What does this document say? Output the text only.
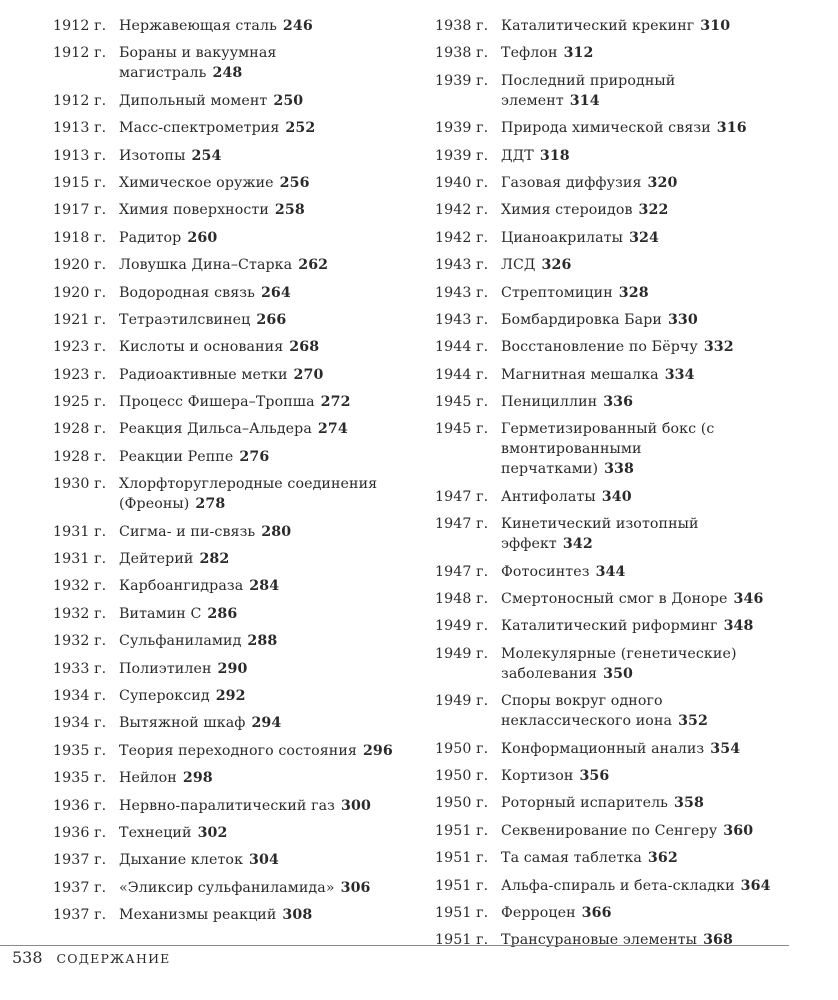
1912 г. Нержавеющая сталь 246
1912 г. Бораны и вакуумная магистраль 248
1912 г. Дипольный момент 250
1913 г. Масс-спектрометрия 252
1913 г. Изотопы 254
1915 г. Химическое оружие 256
1917 г. Химия поверхности 258
1918 г. Радитор 260
1920 г. Ловушка Дина–Старка 262
1920 г. Водородная связь 264
1921 г. Тетраэтилсвинец 266
1923 г. Кислоты и основания 268
1923 г. Радиоактивные метки 270
1925 г. Процесс Фишера–Тропша 272
1928 г. Реакция Дильса–Альдера 274
1928 г. Реакции Реппе 276
1930 г. Хлорфторуглеродные соединения (Фреоны) 278
1931 г. Сигма- и пи-связь 280
1931 г. Дейтерий 282
1932 г. Карбоангидраза 284
1932 г. Витамин С 286
1932 г. Сульфаниламид 288
1933 г. Полиэтилен 290
1934 г. Супероксид 292
1934 г. Вытяжной шкаф 294
1935 г. Теория переходного состояния 296
1935 г. Нейлон 298
1936 г. Нервно-паралитический газ 300
1936 г. Технеций 302
1937 г. Дыхание клеток 304
1937 г. «Эликсир сульфаниламида» 306
1937 г. Механизмы реакций 308
1938 г. Каталитический крекинг 310
1938 г. Тефлон 312
1939 г. Последний природный элемент 314
1939 г. Природа химической связи 316
1939 г. ДДТ 318
1940 г. Газовая диффузия 320
1942 г. Химия стероидов 322
1942 г. Цианоакрилаты 324
1943 г. ЛСД 326
1943 г. Стрептомицин 328
1943 г. Бомбардировка Бари 330
1944 г. Восстановление по Бёрчу 332
1944 г. Магнитная мешалка 334
1945 г. Пенициллин 336
1945 г. Герметизированный бокс (с вмонтированными перчатками) 338
1947 г. Антифолаты 340
1947 г. Кинетический изотопный эффект 342
1947 г. Фотосинтез 344
1948 г. Смертоносный смог в Доноре 346
1949 г. Каталитический риформинг 348
1949 г. Молекулярные (генетические) заболевания 350
1949 г. Споры вокруг одного неклассического иона 352
1950 г. Конформационный анализ 354
1950 г. Кортизон 356
1950 г. Роторный испаритель 358
1951 г. Секвенирование по Сенгеру 360
1951 г. Та самая таблетка 362
1951 г. Альфа-спираль и бета-складки 364
1951 г. Ферроцен 366
1951 г. Трансурановые элементы 368
538 СОДЕРЖАНИЕ
